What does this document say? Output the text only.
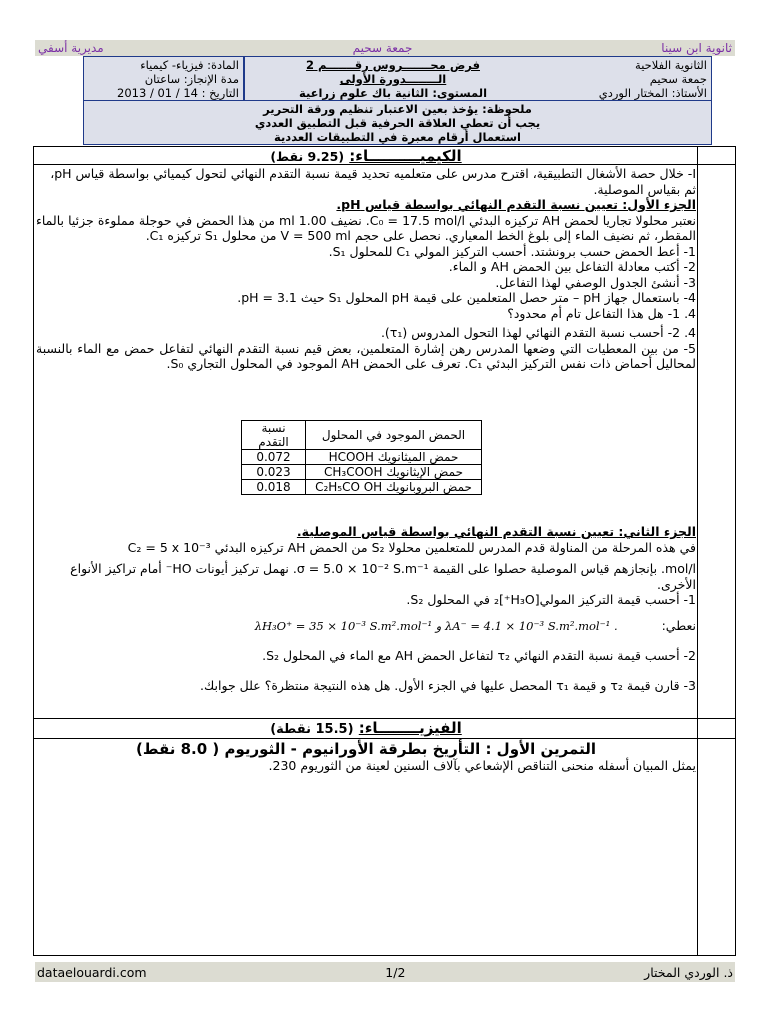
مديرية أسفي	جمعة سحيم	ثانوية ابن سينا
الثانوية الفلاحية
جمعة سحيم
الأستاذ: المختار الوردي
فرض محـــــــروس رقـــــــم 2
الــــــــدورة الأولى
المستوى: الثانية باك علوم زراعية
المادة: فيزياء- كيمياء
مدة الإنجاز: ساعتان
التاريخ : 14 / 01 / 2013
ملحوظة: يؤخذ بعين الاعتبار تنظيم ورقة التحرير
يجب أن تعطي العلاقة الحرفية قبل التطبيق العددي
استعمال أرقام معبرة في التطبيقات العددية
الكيميــــــــــاء: (9.25 نقط)

I- خلال حصة الأشغال التطبيقية، اقترح مدرس على متعلميه تحديد قيمة نسبة التقدم النهائي لتحول كيميائي بواسطة قياس pH، ثم بقياس الموصلية.

الجزء الأول: تعيين نسبة التقدم النهائي بواسطة قياس pH.

نعتبر محلولا تجاريا لحمض AH تركيزه البدئي C₀ = 17.5 mol/l. نضيف 1.00 ml من هذا الحمض في حوجلة مملوءة جزئيا بالماء المقطر، ثم نضيف الماء إلى بلوغ الخط المعياري. نحصل على حجم V = 500 ml من محلول S₁ تركيزه C₁.

1- أعط الحمض حسب برونشتد. أحسب التركيز المولي C₁ للمحلول S₁.

2- أكتب معادلة التفاعل بين الحمض AH و الماء.

3- أنشئ الجدول الوصفي لهذا التفاعل.

4- باستعمال جهاز pH – متر حصل المتعلمين على قيمة pH المحلول S₁ حيث pH = 3.1.

4. 1- هل هذا التفاعل تام أم محدود؟

4. 2- أحسب نسبة التقدم النهائي لهذا التحول المدروس (τ₁).

5- من بين المعطيات التي وضعها المدرس رهن إشارة المتعلمين، بعض قيم نسبة التقدم النهائي لتفاعل حمض مع الماء بالنسبة لمحاليل أحماض ذات نفس التركيز البدئي C₁. تعرف على الحمض AH الموجود في المحلول التجاري S₀.

الحمض الموجود في المحلول	نسبة التقدم
حمض الميثانويك HCOOH	0.072
حمض الإيثانويك CH₃COOH	0.023
حمض البروبانويك C₂H₅CO OH	0.018

الجزء الثاني: تعيين نسبة التقدم النهائي بواسطة قياس الموصلية.

في هذه المرحلة من المناولة قدم المدرس للمتعلمين محلولا S₂ من الحمض AH تركيزه البدئي C₂ = 5 x 10⁻³

mol/l. بإنجازهم قياس الموصلية حصلوا على القيمة σ = 5.0 × 10⁻² S.m⁻¹. نهمل تركيز أيونات HO⁻ أمام تراكيز الأنواع الأخرى.

1- أحسب قيمة التركيز المولي[H₃O⁺]₂ في المحلول S₂.

نعطي: λH₃O⁺ = 35 × 10⁻³ S.m².mol⁻¹ و λA⁻ = 4.1 × 10⁻³ S.m².mol⁻¹ .

2- أحسب قيمة نسبة التقدم النهائي τ₂ لتفاعل الحمض AH مع الماء في المحلول S₂.

3- قارن قيمة τ₂ و قيمة τ₁ المحصل عليها في الجزء الأول. هل هذه النتيجة منتظرة؟ علل جوابك.

الفيزيــــــــاء: (15.5 نقطة)

التمرين الأول : التأريخ بطرقة الأورانيوم - الثوريوم ( 8.0 نقط)

يمثل المبيان أسفله منحنى التناقص الإشعاعي بآلاف السنين لعينة من الثوريوم 230.

dataelouardi.com	1/2	ذ. الوردي المختار
